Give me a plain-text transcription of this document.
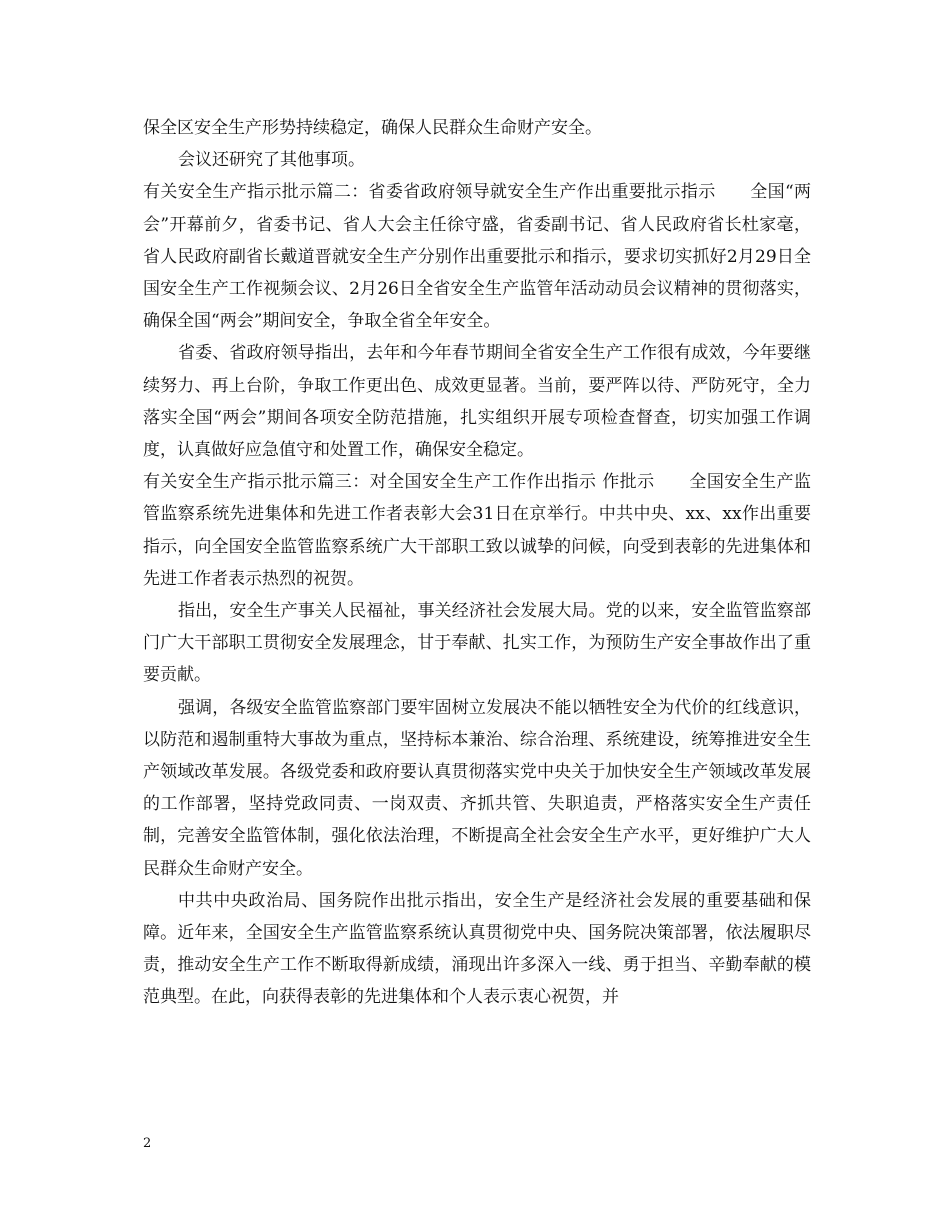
保全区安全生产形势持续稳定，确保人民群众生命财产安全。

会议还研究了其他事项。

有关安全生产指示批示篇二：省委省政府领导就安全生产作出重要批示指示　　全国“两会”开幕前夕，省委书记、省人大会主任徐守盛，省委副书记、省人民政府省长杜家毫，省人民政府副省长戴道晋就安全生产分别作出重要批示和指示，要求切实抓好2月29日全国安全生产工作视频会议、2月26日全省安全生产监管年活动动员会议精神的贯彻落实，确保全国“两会”期间安全，争取全省全年安全。

省委、省政府领导指出，去年和今年春节期间全省安全生产工作很有成效，今年要继续努力、再上台阶，争取工作更出色、成效更显著。当前，要严阵以待、严防死守，全力落实全国“两会”期间各项安全防范措施，扎实组织开展专项检查督查，切实加强工作调度，认真做好应急值守和处置工作，确保安全稳定。

有关安全生产指示批示篇三：对全国安全生产工作作出指示 作批示　　全国安全生产监管监察系统先进集体和先进工作者表彰大会31日在京举行。中共中央、xx、xx作出重要指示，向全国安全监管监察系统广大干部职工致以诚挚的问候，向受到表彰的先进集体和先进工作者表示热烈的祝贺。

指出，安全生产事关人民福祉，事关经济社会发展大局。党的以来，安全监管监察部门广大干部职工贯彻安全发展理念，甘于奉献、扎实工作，为预防生产安全事故作出了重要贡献。

强调，各级安全监管监察部门要牢固树立发展决不能以牺牲安全为代价的红线意识，以防范和遏制重特大事故为重点，坚持标本兼治、综合治理、系统建设，统筹推进安全生产领域改革发展。各级党委和政府要认真贯彻落实党中央关于加快安全生产领域改革发展的工作部署，坚持党政同责、一岗双责、齐抓共管、失职追责，严格落实安全生产责任制，完善安全监管体制，强化依法治理，不断提高全社会安全生产水平，更好维护广大人民群众生命财产安全。

中共中央政治局、国务院作出批示指出，安全生产是经济社会发展的重要基础和保障。近年来，全国安全生产监管监察系统认真贯彻党中央、国务院决策部署，依法履职尽责，推动安全生产工作不断取得新成绩，涌现出许多深入一线、勇于担当、辛勤奉献的模范典型。在此，向获得表彰的先进集体和个人表示衷心祝贺，并

2
